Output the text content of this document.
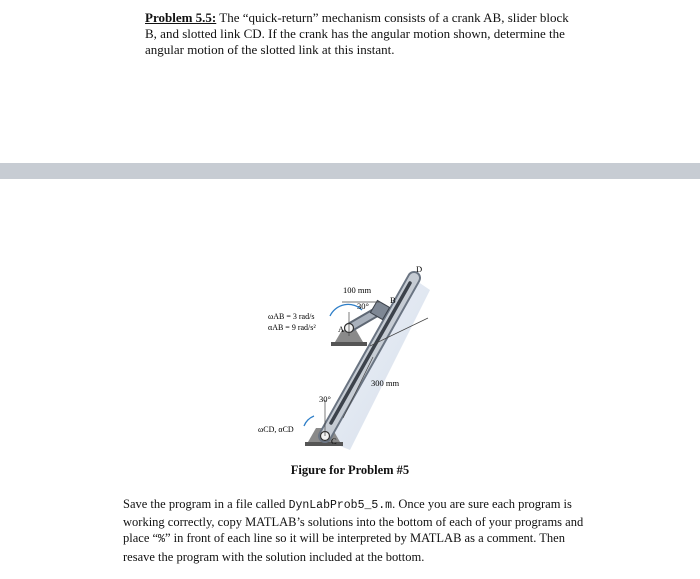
Problem 5.5: The “quick-return” mechanism consists of a crank AB, slider block B, and slotted link CD. If the crank has the angular motion shown, determine the angular motion of the slotted link at this instant.
100 mm
30°
B
D
A
C
ωAB = 3 rad/s
αAB = 9 rad/s²
300 mm
30°
ωCD, αCD
Figure for Problem #5
Save the program in a file called DynLabProb5_5.m. Once you are sure each program is working correctly, copy MATLAB’s solutions into the bottom of each of your programs and place “%” in front of each line so it will be interpreted by MATLAB as a comment. Then resave the program with the solution included at the bottom.
